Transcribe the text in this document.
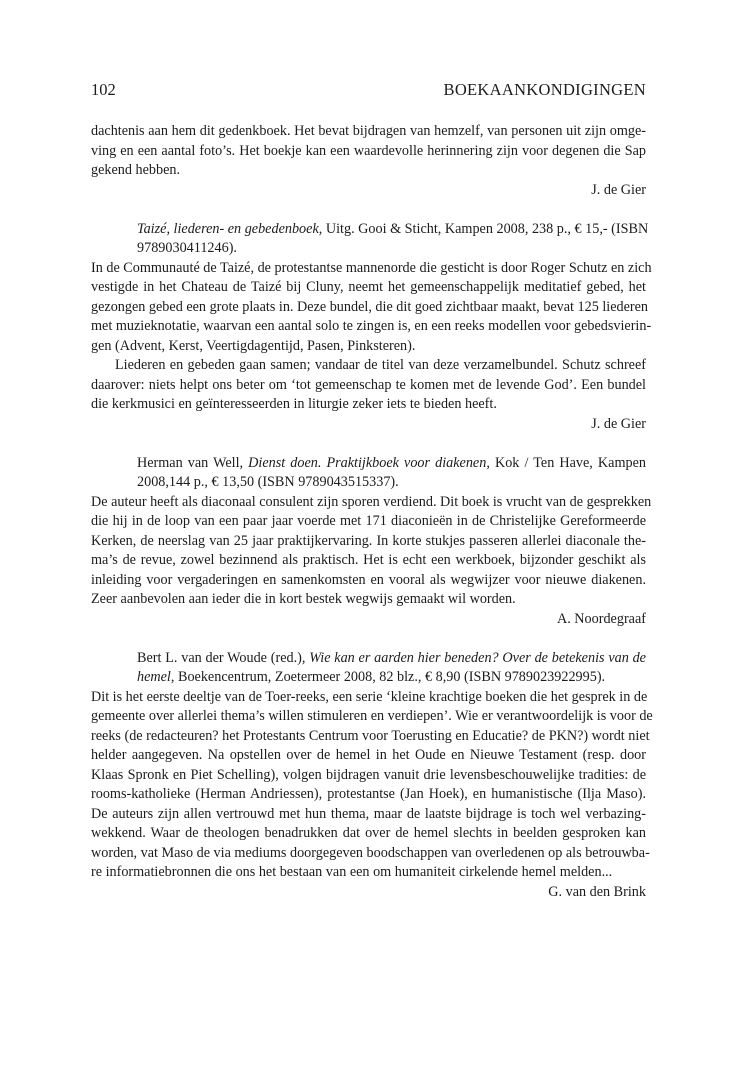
102	BOEKAANKONDIGINGEN
dachtenis aan hem dit gedenkboek. Het bevat bijdragen van hemzelf, van personen uit zijn omge-
ving en een aantal foto’s. Het boekje kan een waardevolle herinnering zijn voor degenen die Sap
gekend hebben.
J. de Gier
Taizé, liederen- en gebedenboek, Uitg. Gooi & Sticht, Kampen 2008, 238 p., € 15,- (ISBN
9789030411246).
In de Communauté de Taizé, de protestantse mannenorde die gesticht is door Roger Schutz en zich
vestigde in het Chateau de Taizé bij Cluny, neemt het gemeenschappelijk meditatief gebed, het
gezongen gebed een grote plaats in. Deze bundel, die dit goed zichtbaar maakt, bevat 125 liederen
met muzieknotatie, waarvan een aantal solo te zingen is, en een reeks modellen voor gebedsvierin-
gen (Advent, Kerst, Veertigdagentijd, Pasen, Pinksteren).
Liederen en gebeden gaan samen; vandaar de titel van deze verzamelbundel. Schutz schreef
daarover: niets helpt ons beter om ‘tot gemeenschap te komen met de levende God’. Een bundel
die kerkmusici en geïnteresseerden in liturgie zeker iets te bieden heeft.
J. de Gier
Herman van Well, Dienst doen. Praktijkboek voor diakenen, Kok / Ten Have, Kampen
2008,144 p., € 13,50 (ISBN 9789043515337).
De auteur heeft als diaconaal consulent zijn sporen verdiend. Dit boek is vrucht van de gesprekken
die hij in de loop van een paar jaar voerde met 171 diaconieën in de Christelijke Gereformeerde
Kerken, de neerslag van 25 jaar praktijkervaring. In korte stukjes passeren allerlei diaconale the-
ma’s de revue, zowel bezinnend als praktisch. Het is echt een werkboek, bijzonder geschikt als
inleiding voor vergaderingen en samenkomsten en vooral als wegwijzer voor nieuwe diakenen.
Zeer aanbevolen aan ieder die in kort bestek wegwijs gemaakt wil worden.
A. Noordegraaf
Bert L. van der Woude (red.), Wie kan er aarden hier beneden? Over de betekenis van de
hemel, Boekencentrum, Zoetermeer 2008, 82 blz., € 8,90 (ISBN 9789023922995).
Dit is het eerste deeltje van de Toer-reeks, een serie ‘kleine krachtige boeken die het gesprek in de
gemeente over allerlei thema’s willen stimuleren en verdiepen’. Wie er verantwoordelijk is voor de
reeks (de redacteuren? het Protestants Centrum voor Toerusting en Educatie? de PKN?) wordt niet
helder aangegeven. Na opstellen over de hemel in het Oude en Nieuwe Testament (resp. door
Klaas Spronk en Piet Schelling), volgen bijdragen vanuit drie levensbeschouwelijke tradities: de
rooms-katholieke (Herman Andriessen), protestantse (Jan Hoek), en humanistische (Ilja Maso).
De auteurs zijn allen vertrouwd met hun thema, maar de laatste bijdrage is toch wel verbazing-
wekkend. Waar de theologen benadrukken dat over de hemel slechts in beelden gesproken kan
worden, vat Maso de via mediums doorgegeven boodschappen van overledenen op als betrouwba-
re informatiebronnen die ons het bestaan van een om humaniteit cirkelende hemel melden...
G. van den Brink
